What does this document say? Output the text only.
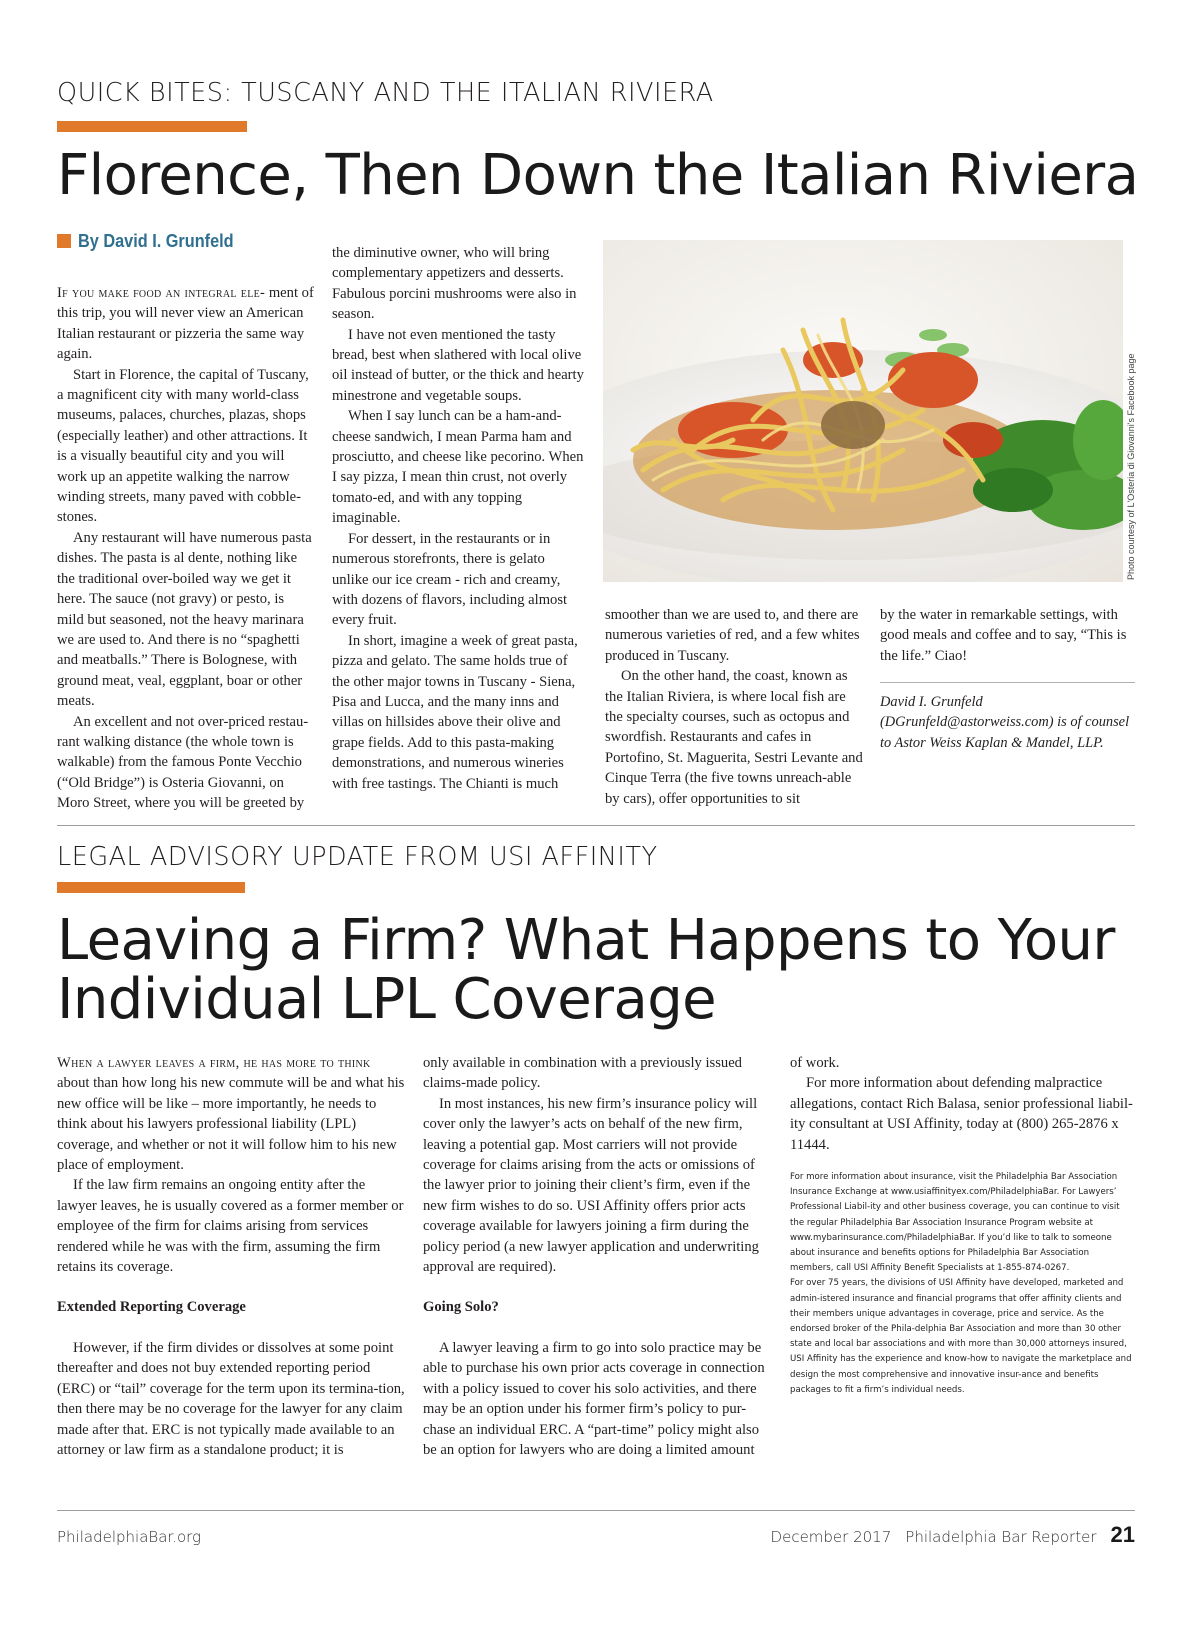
QUICK BITES: TUSCANY AND THE ITALIAN RIVIERA
Florence, Then Down the Italian Riviera
By David I. Grunfeld

If you make food an integral ele- ment of this trip, you will never view an American Italian restaurant or pizzeria the same way again.

Start in Florence, the capital of Tuscany, a magnificent city with many world-class museums, palaces, churches, plazas, shops (especially leather) and other attractions. It is a visually beautiful city and you will work up an appetite walking the narrow winding streets, many paved with cobble-stones.

Any restaurant will have numerous pasta dishes. The pasta is al dente, nothing like the traditional over-boiled way we get it here. The sauce (not gravy) or pesto, is mild but seasoned, not the heavy marinara we are used to. And there is no “spaghetti and meatballs.” There is Bolognese, with ground meat, veal, eggplant, boar or other meats.

An excellent and not over-priced restau-rant walking distance (the whole town is walkable) from the famous Ponte Vecchio (“Old Bridge”) is Osteria Giovanni, on Moro Street, where you will be greeted by

the diminutive owner, who will bring complementary appetizers and desserts. Fabulous porcini mushrooms were also in season.

I have not even mentioned the tasty bread, best when slathered with local olive oil instead of butter, or the thick and hearty minestrone and vegetable soups.

When I say lunch can be a ham-and-cheese sandwich, I mean Parma ham and prosciutto, and cheese like pecorino. When I say pizza, I mean thin crust, not overly tomato-ed, and with any topping imaginable.

For dessert, in the restaurants or in numerous storefronts, there is gelato unlike our ice cream - rich and creamy, with dozens of flavors, including almost every fruit.

In short, imagine a week of great pasta, pizza and gelato. The same holds true of the other major towns in Tuscany - Siena, Pisa and Lucca, and the many inns and villas on hillsides above their olive and grape fields. Add to this pasta-making demonstrations, and numerous wineries with free tastings. The Chianti is much

Photo courtesy of L'Osteria di Giovanni's Facebook page

smoother than we are used to, and there are numerous varieties of red, and a few whites produced in Tuscany.

On the other hand, the coast, known as the Italian Riviera, is where local fish are the specialty courses, such as octopus and swordfish. Restaurants and cafes in Portofino, St. Maguerita, Sestri Levante and Cinque Terra (the five towns unreach-able by cars), offer opportunities to sit

by the water in remarkable settings, with good meals and coffee and to say, “This is the life.” Ciao!

David I. Grunfeld (DGrunfeld@astorweiss.com) is of counsel to Astor Weiss Kaplan & Mandel, LLP.
LEGAL ADVISORY UPDATE FROM USI AFFINITY
Leaving a Firm? What Happens to Your
Individual LPL Coverage

When a lawyer leaves a firm, he has more to think about than how long his new commute will be and what his new office will be like – more importantly, he needs to think about his lawyers professional liability (LPL) coverage, and whether or not it will follow him to his new place of employment.

If the law firm remains an ongoing entity after the lawyer leaves, he is usually covered as a former member or employee of the firm for claims arising from services rendered while he was with the firm, assuming the firm retains its coverage.

Extended Reporting Coverage

However, if the firm divides or dissolves at some point thereafter and does not buy extended reporting period (ERC) or “tail” coverage for the term upon its termina-tion, then there may be no coverage for the lawyer for any claim made after that. ERC is not typically made available to an attorney or law firm as a standalone product; it is

only available in combination with a previously issued claims-made policy.

In most instances, his new firm’s insurance policy will cover only the lawyer’s acts on behalf of the new firm, leaving a potential gap. Most carriers will not provide coverage for claims arising from the acts or omissions of the lawyer prior to joining their client’s firm, even if the new firm wishes to do so. USI Affinity offers prior acts coverage available for lawyers joining a firm during the policy period (a new lawyer application and underwriting approval are required).

Going Solo?

A lawyer leaving a firm to go into solo practice may be able to purchase his own prior acts coverage in connection with a policy issued to cover his solo activities, and there may be an option under his former firm’s policy to pur-chase an individual ERC. A “part-time” policy might also be an option for lawyers who are doing a limited amount

of work.

For more information about defending malpractice allegations, contact Rich Balasa, senior professional liabil-ity consultant at USI Affinity, today at (800) 265-2876 x 11444.

For more information about insurance, visit the Philadelphia Bar Association Insurance Exchange at www.usiaffinityex.com/PhiladelphiaBar. For Lawyers’ Professional Liabil-ity and other business coverage, you can continue to visit the regular Philadelphia Bar Association Insurance Program website at www.mybarinsurance.com/PhiladelphiaBar. If you’d like to talk to someone about insurance and benefits options for Philadelphia Bar Association members, call USI Affinity Benefit Specialists at 1-855-874-0267.

For over 75 years, the divisions of USI Affinity have developed, marketed and admin-istered insurance and financial programs that offer affinity clients and their members unique advantages in coverage, price and service. As the endorsed broker of the Phila-delphia Bar Association and more than 30 other state and local bar associations and with more than 30,000 attorneys insured, USI Affinity has the experience and know-how to navigate the marketplace and design the most comprehensive and innovative insur-ance and benefits packages to fit a firm’s individual needs.

PhiladelphiaBar.org	December 2017 Philadelphia Bar Reporter 21
